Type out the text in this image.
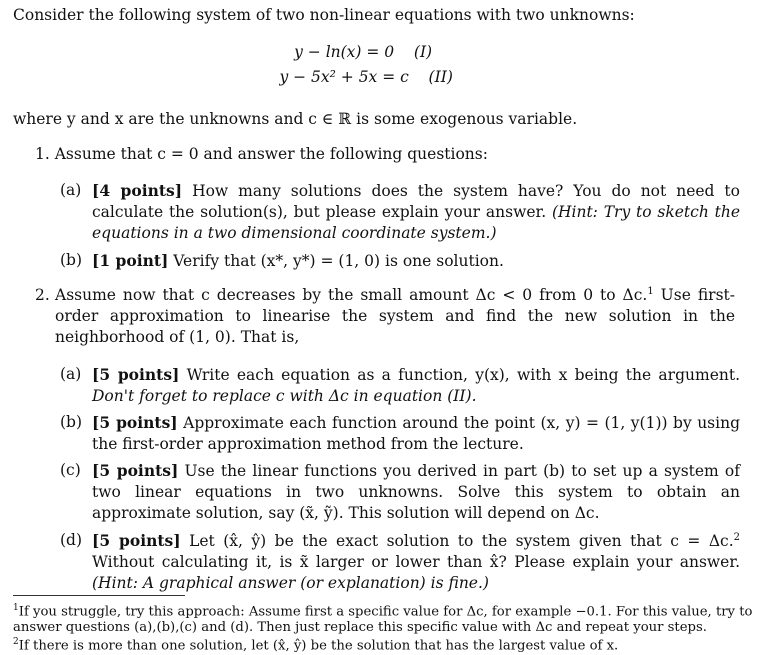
Consider the following system of two non-linear equations with two unknowns:
y − ln(x) = 0 (I)
y − 5x² + 5x = c (II)
where y and x are the unknowns and c ∈ ℝ is some exogenous variable.
1. Assume that c = 0 and answer the following questions:
(a) [4 points] How many solutions does the system have? You do not need to calculate the solution(s), but please explain your answer. (Hint: Try to sketch the equations in a two dimensional coordinate system.)
(b) [1 point] Verify that (x*, y*) = (1, 0) is one solution.
2. Assume now that c decreases by the small amount Δc < 0 from 0 to Δc.$^1$ Use first-order approximation to linearise the system and find the new solution in the neighborhood of (1, 0). That is,
(a) [5 points] Write each equation as a function, y(x), with x being the argument. Don't forget to replace c with Δc in equation (II).
(b) [5 points] Approximate each function around the point (x, y) = (1, y(1)) by using the first-order approximation method from the lecture.
(c) [5 points] Use the linear functions you derived in part (b) to set up a system of two linear equations in two unknowns. Solve this system to obtain an approximate solution, say (x̃, ỹ). This solution will depend on Δc.
(d) [5 points] Let (x̂, ŷ) be the exact solution to the system given that c = Δc.$^2$ Without calculating it, is x̃ larger or lower than x̂? Please explain your answer. (Hint: A graphical answer (or explanation) is fine.)
$^1$If you struggle, try this approach: Assume first a specific value for Δc, for example −0.1. For this value, try to answer questions (a),(b),(c) and (d). Then just replace this specific value with Δc and repeat your steps.
$^2$If there is more than one solution, let (x̂, ŷ) be the solution that has the largest value of x.
